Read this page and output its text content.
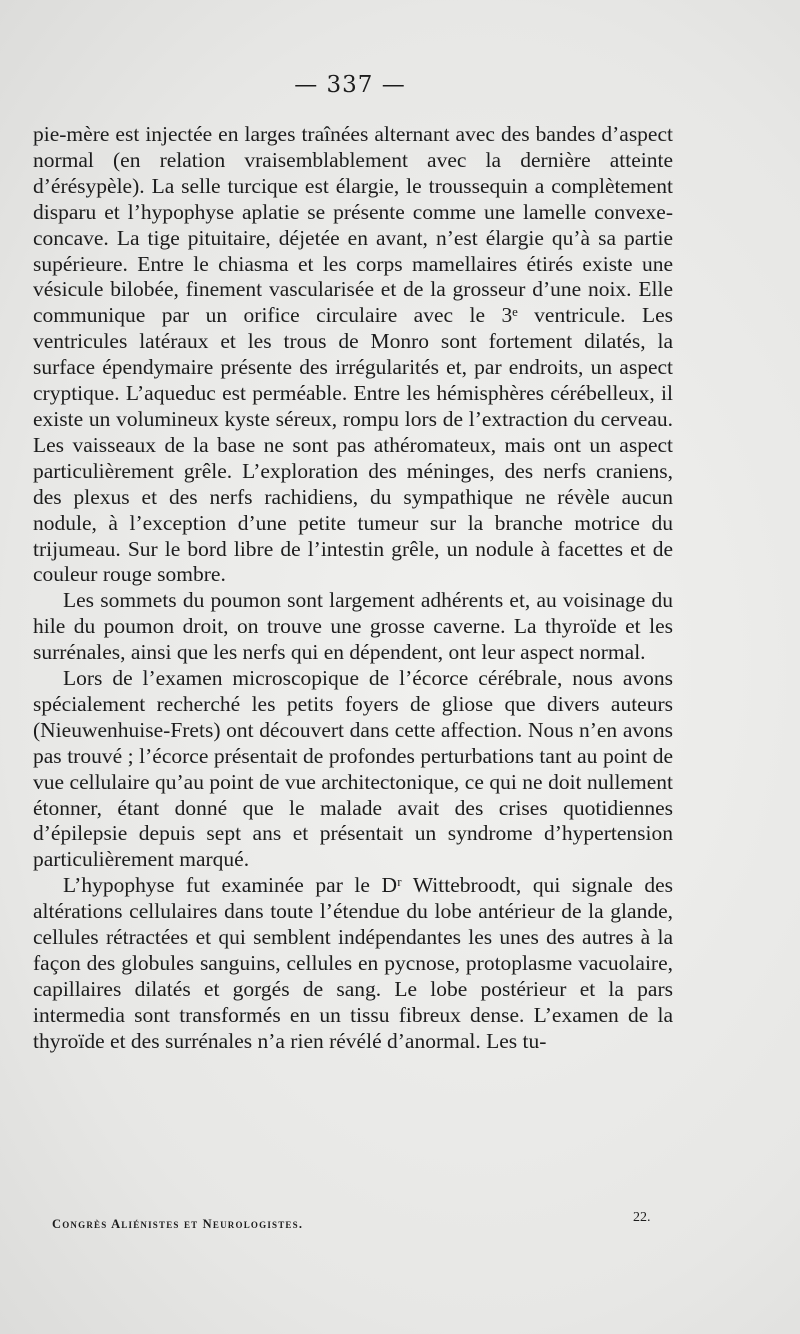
— 337 —

pie-mère est injectée en larges traînées alternant avec des bandes d’aspect normal (en relation vraisemblablement avec la dernière atteinte d’érésypèle). La selle turcique est élargie, le troussequin a complètement disparu et l’hypophyse aplatie se présente comme une lamelle convexe-concave. La tige pituitaire, déjetée en avant, n’est élargie qu’à sa partie supérieure. Entre le chiasma et les corps mamellaires étirés existe une vésicule bilobée, finement vascularisée et de la grosseur d’une noix. Elle communique par un orifice circulaire avec le 3ᵉ ventricule. Les ventricules latéraux et les trous de Monro sont fortement dilatés, la surface épendymaire présente des irrégularités et, par endroits, un aspect cryptique. L’aqueduc est perméable. Entre les hémisphères cérébelleux, il existe un volumineux kyste séreux, rompu lors de l’extraction du cerveau. Les vaisseaux de la base ne sont pas athéromateux, mais ont un aspect particulièrement grêle. L’exploration des méninges, des nerfs craniens, des plexus et des nerfs rachidiens, du sympathique ne révèle aucun nodule, à l’exception d’une petite tumeur sur la branche motrice du trijumeau. Sur le bord libre de l’intestin grêle, un nodule à facettes et de couleur rouge sombre.

Les sommets du poumon sont largement adhérents et, au voisinage du hile du poumon droit, on trouve une grosse caverne. La thyroïde et les surrénales, ainsi que les nerfs qui en dépendent, ont leur aspect normal.

Lors de l’examen microscopique de l’écorce cérébrale, nous avons spécialement recherché les petits foyers de gliose que divers auteurs (Nieuwenhuise-Frets) ont découvert dans cette affection. Nous n’en avons pas trouvé ; l’écorce présentait de profondes perturbations tant au point de vue cellulaire qu’au point de vue architectonique, ce qui ne doit nullement étonner, étant donné que le malade avait des crises quotidiennes d’épilepsie depuis sept ans et présentait un syndrome d’hypertension particulièrement marqué.

L’hypophyse fut examinée par le Dʳ Wittebroodt, qui signale des altérations cellulaires dans toute l’étendue du lobe antérieur de la glande, cellules rétractées et qui semblent indépendantes les unes des autres à la façon des globules sanguins, cellules en pycnose, protoplasme vacuolaire, capillaires dilatés et gorgés de sang. Le lobe postérieur et la pars intermedia sont transformés en un tissu fibreux dense. L’examen de la thyroïde et des surrénales n’a rien révélé d’anormal. Les tu-

Congrès Aliénistes et Neurologistes.	22.
